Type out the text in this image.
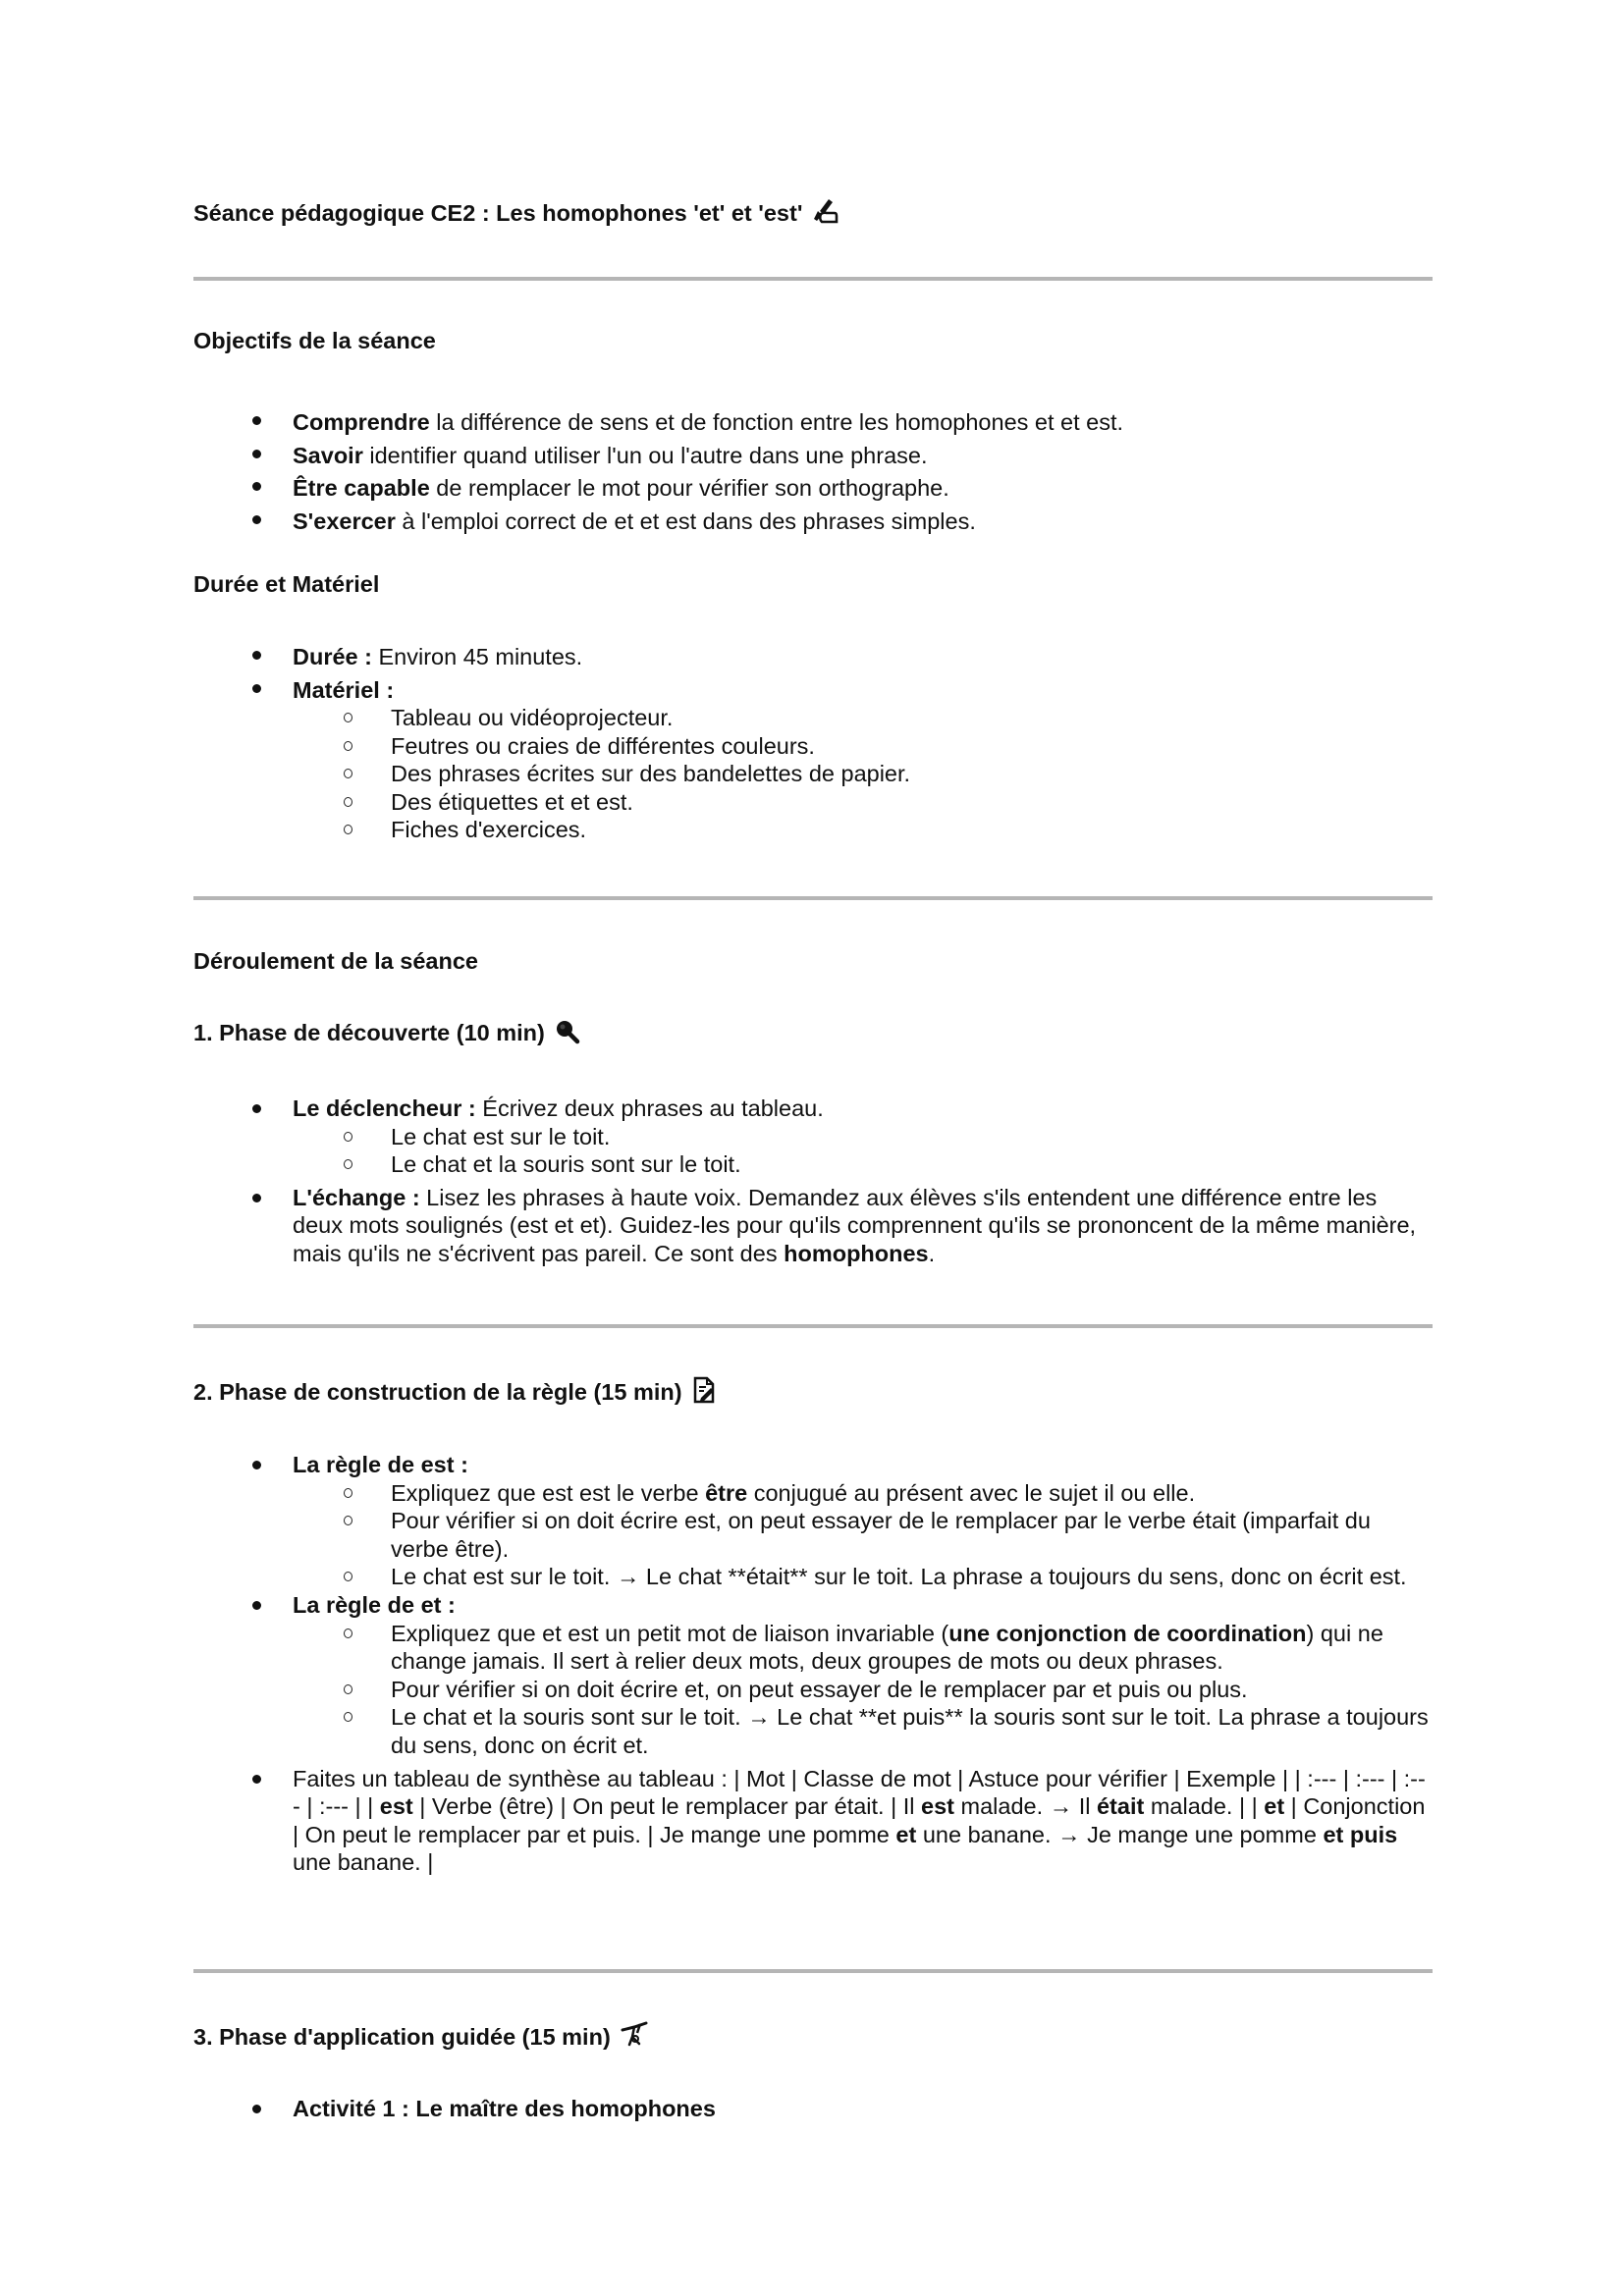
Séance pédagogique CE2 : Les homophones 'et' et 'est'
Objectifs de la séance
Comprendre la différence de sens et de fonction entre les homophones et et est.
Savoir identifier quand utiliser l'un ou l'autre dans une phrase.
Être capable de remplacer le mot pour vérifier son orthographe.
S'exercer à l'emploi correct de et et est dans des phrases simples.
Durée et Matériel
Durée : Environ 45 minutes.
Matériel :
Tableau ou vidéoprojecteur.
Feutres ou craies de différentes couleurs.
Des phrases écrites sur des bandelettes de papier.
Des étiquettes et et est.
Fiches d'exercices.
Déroulement de la séance
1. Phase de découverte (10 min)
Le déclencheur : Écrivez deux phrases au tableau.
Le chat est sur le toit.
Le chat et la souris sont sur le toit.
L'échange : Lisez les phrases à haute voix. Demandez aux élèves s'ils entendent une différence entre les deux mots soulignés (est et et). Guidez-les pour qu'ils comprennent qu'ils se prononcent de la même manière, mais qu'ils ne s'écrivent pas pareil. Ce sont des homophones.
2. Phase de construction de la règle (15 min)
La règle de est :
Expliquez que est est le verbe être conjugué au présent avec le sujet il ou elle.
Pour vérifier si on doit écrire est, on peut essayer de le remplacer par le verbe était (imparfait du verbe être).
Le chat est sur le toit. → Le chat **était** sur le toit. La phrase a toujours du sens, donc on écrit est.
La règle de et :
Expliquez que et est un petit mot de liaison invariable (une conjonction de coordination) qui ne change jamais. Il sert à relier deux mots, deux groupes de mots ou deux phrases.
Pour vérifier si on doit écrire et, on peut essayer de le remplacer par et puis ou plus.
Le chat et la souris sont sur le toit. → Le chat **et puis** la souris sont sur le toit. La phrase a toujours du sens, donc on écrit et.
Faites un tableau de synthèse au tableau : | Mot | Classe de mot | Astuce pour vérifier | Exemple | | :--- | :--- | :--- | :--- | | est | Verbe (être) | On peut le remplacer par était. | Il est malade. → Il était malade. | | et | Conjonction | On peut le remplacer par et puis. | Je mange une pomme et une banane. → Je mange une pomme et puis une banane. |
3. Phase d'application guidée (15 min)
Activité 1 : Le maître des homophones
